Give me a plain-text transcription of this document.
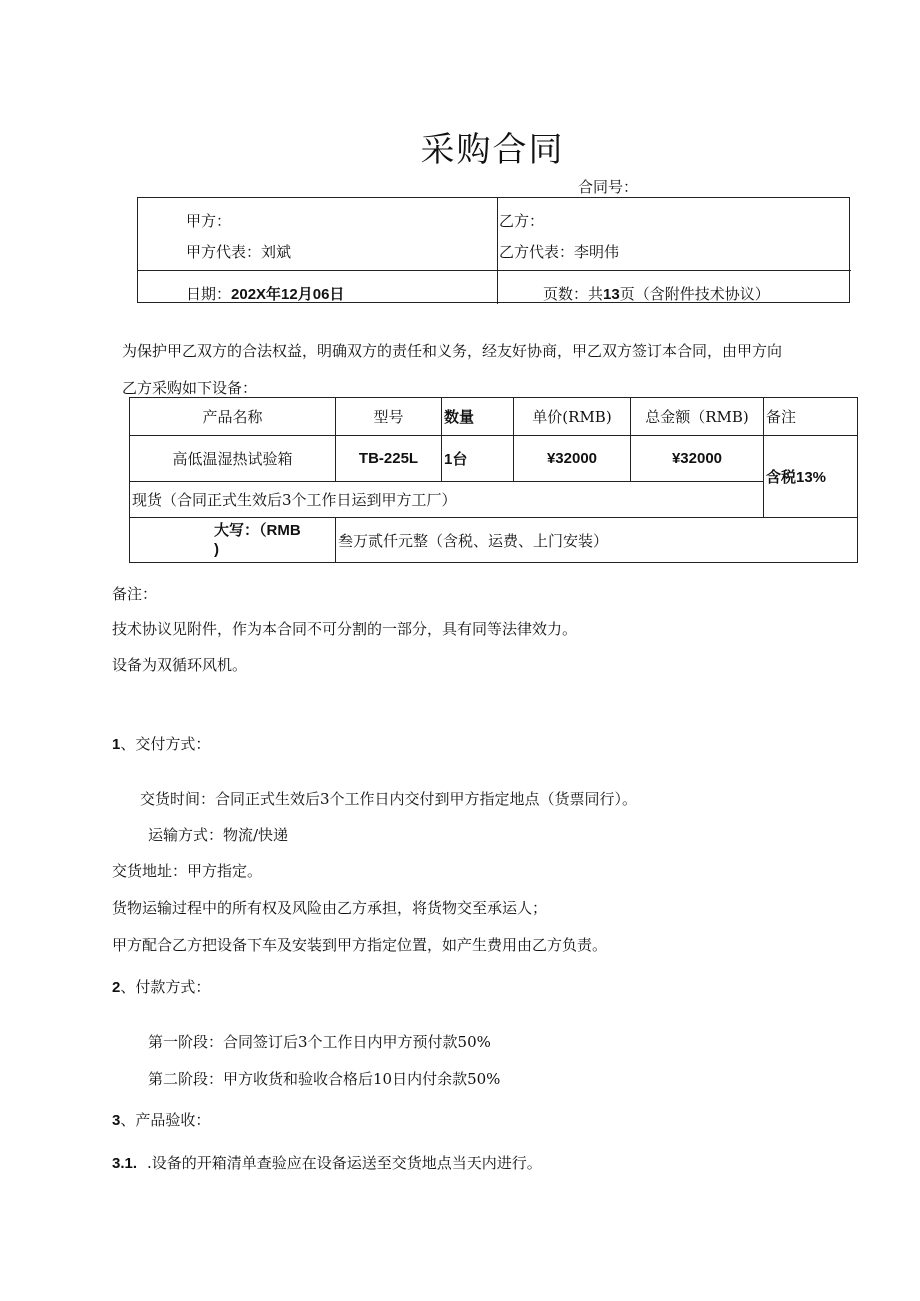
采购合同
合同号：
甲方：
甲方代表：刘斌
乙方：
乙方代表：李明伟
日期：202X年12月06日	页数：共13页（含附件技术协议）
为保护甲乙双方的合法权益，明确双方的责任和义务，经友好协商，甲乙双方签订本合同，由甲方向
乙方采购如下设备：
产品名称	型号	数量	单价(RMB)	总金额（RMB)	备注
高低温湿热试验箱	TB-225L	1台	¥32000	¥32000	含税13%
现货（合同正式生效后3个工作日运到甲方工厂）					
大写：（RMB
)	叁万贰仟元整（含税、运费、上门安装）				
备注：
技术协议见附件，作为本合同不可分割的一部分，具有同等法律效力。
设备为双循环风机。
1、交付方式：
交货时间：合同正式生效后3个工作日内交付到甲方指定地点（货票同行）。
运输方式：物流/快递
交货地址：甲方指定。
货物运输过程中的所有权及风险由乙方承担，将货物交至承运人；
甲方配合乙方把设备下车及安装到甲方指定位置，如产生费用由乙方负责。
2、付款方式：
第一阶段：合同签订后3个工作日内甲方预付款50%
第二阶段：甲方收货和验收合格后10日内付余款50%
3、产品验收：
3.1. .设备的开箱清单查验应在设备运送至交货地点当天内进行。
